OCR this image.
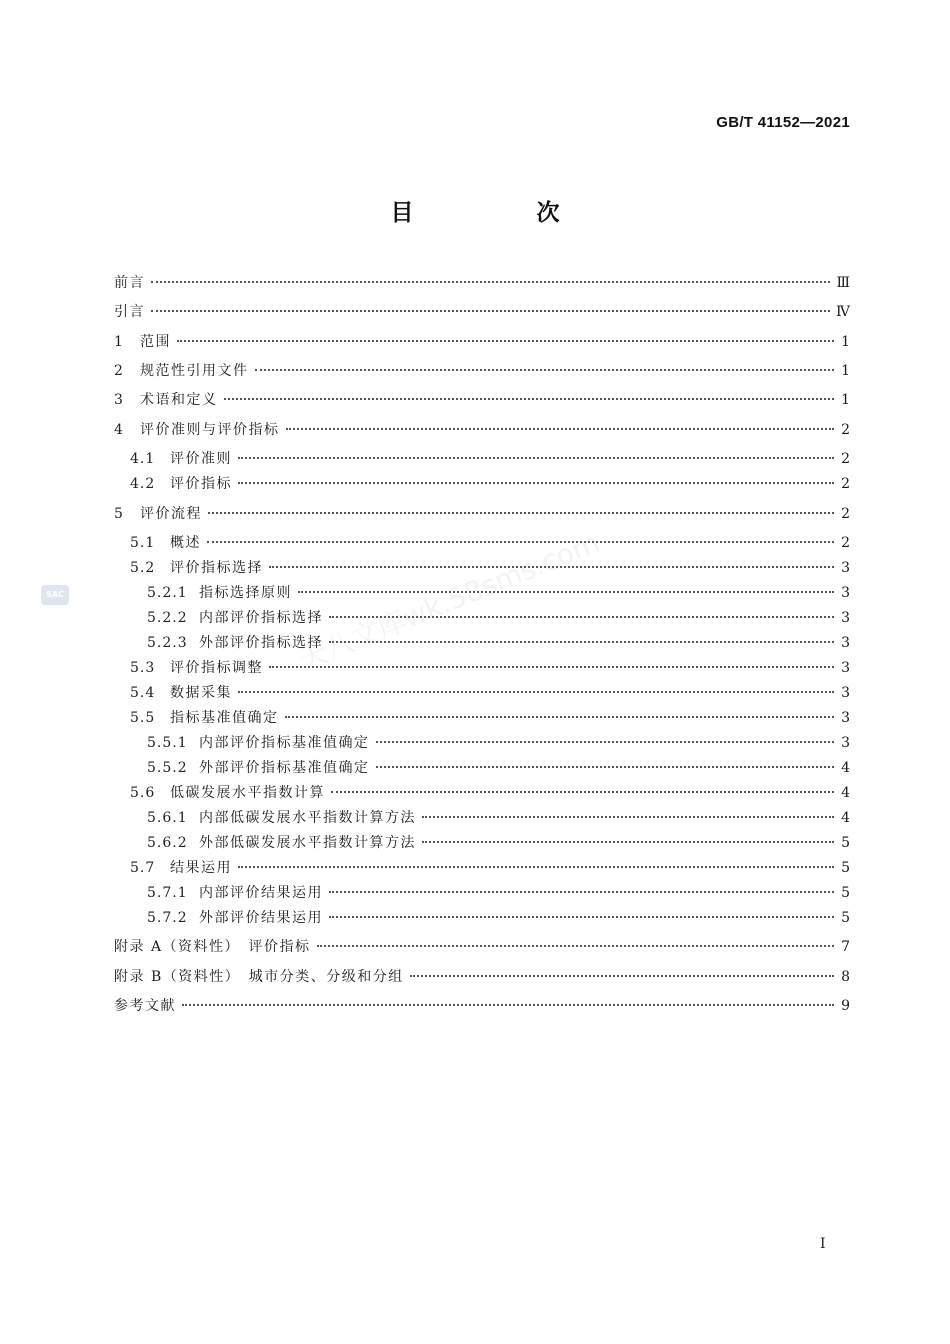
GB/T 41152—2021
目　次
前言	Ⅲ
引言	Ⅳ
1	范围	1
2	规范性引用文件	1
3	术语和定义	1
4	评价准则与评价指标	2
4.1	评价准则	2
4.2	评价指标	2
5	评价流程	2
5.1	概述	2
5.2	评价指标选择	3
5.2.1 指标选择原则	3
5.2.2 内部评价指标选择	3
5.2.3 外部评价指标选择	3
5.3	评价指标调整	3
5.4	数据采集	3
5.5	指标基准值确定	3
5.5.1 内部评价指标基准值确定	3
5.5.2 外部评价指标基准值确定	4
5.6	低碳发展水平指数计算	4
5.6.1 内部低碳发展水平指数计算方法	4
5.6.2 外部低碳发展水平指数计算方法	5
5.7	结果运用	5
5.7.1 内部评价结果运用	5
5.7.2 外部评价结果运用	5
附录 A（资料性）　评价指标	7
附录 B（资料性）　城市分类、分级和分组	8
参考文献	9
SAC	天八文库wk.58sms.com
I
